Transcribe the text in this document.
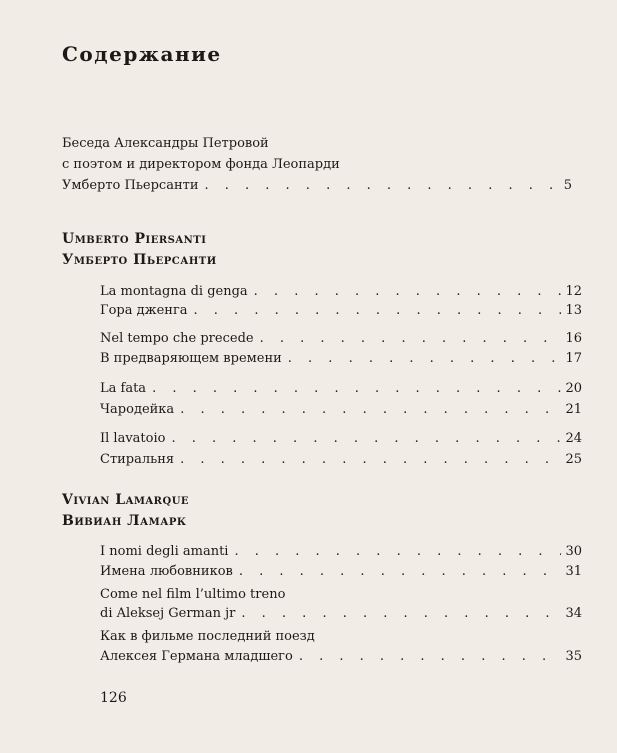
Содержание
Беседа Александры Петровой
с поэтом и директором фонда Леопарди
Умберто Пьерсанти . . .	5
Umberto Piersanti
Умберто Пьерсанти
La montagna di genga . . .	12
Гора дженга . . .	13
Nel tempo che precede . . .	16
В предваряющем времени . . .	17
La fata . . .	20
Чародейка . . .	21
Il lavatoio . . .	24
Стиральня . . .	25
Vivian Lamarque
Вивиан Ламарк
I nomi degli amanti . . .	30
Имена любовников . . .	31
Come nel film l’ultimo treno
di Aleksej German jr . . .	34
Как в фильме последний поезд
Алексея Германа младшего . . .	35
126
